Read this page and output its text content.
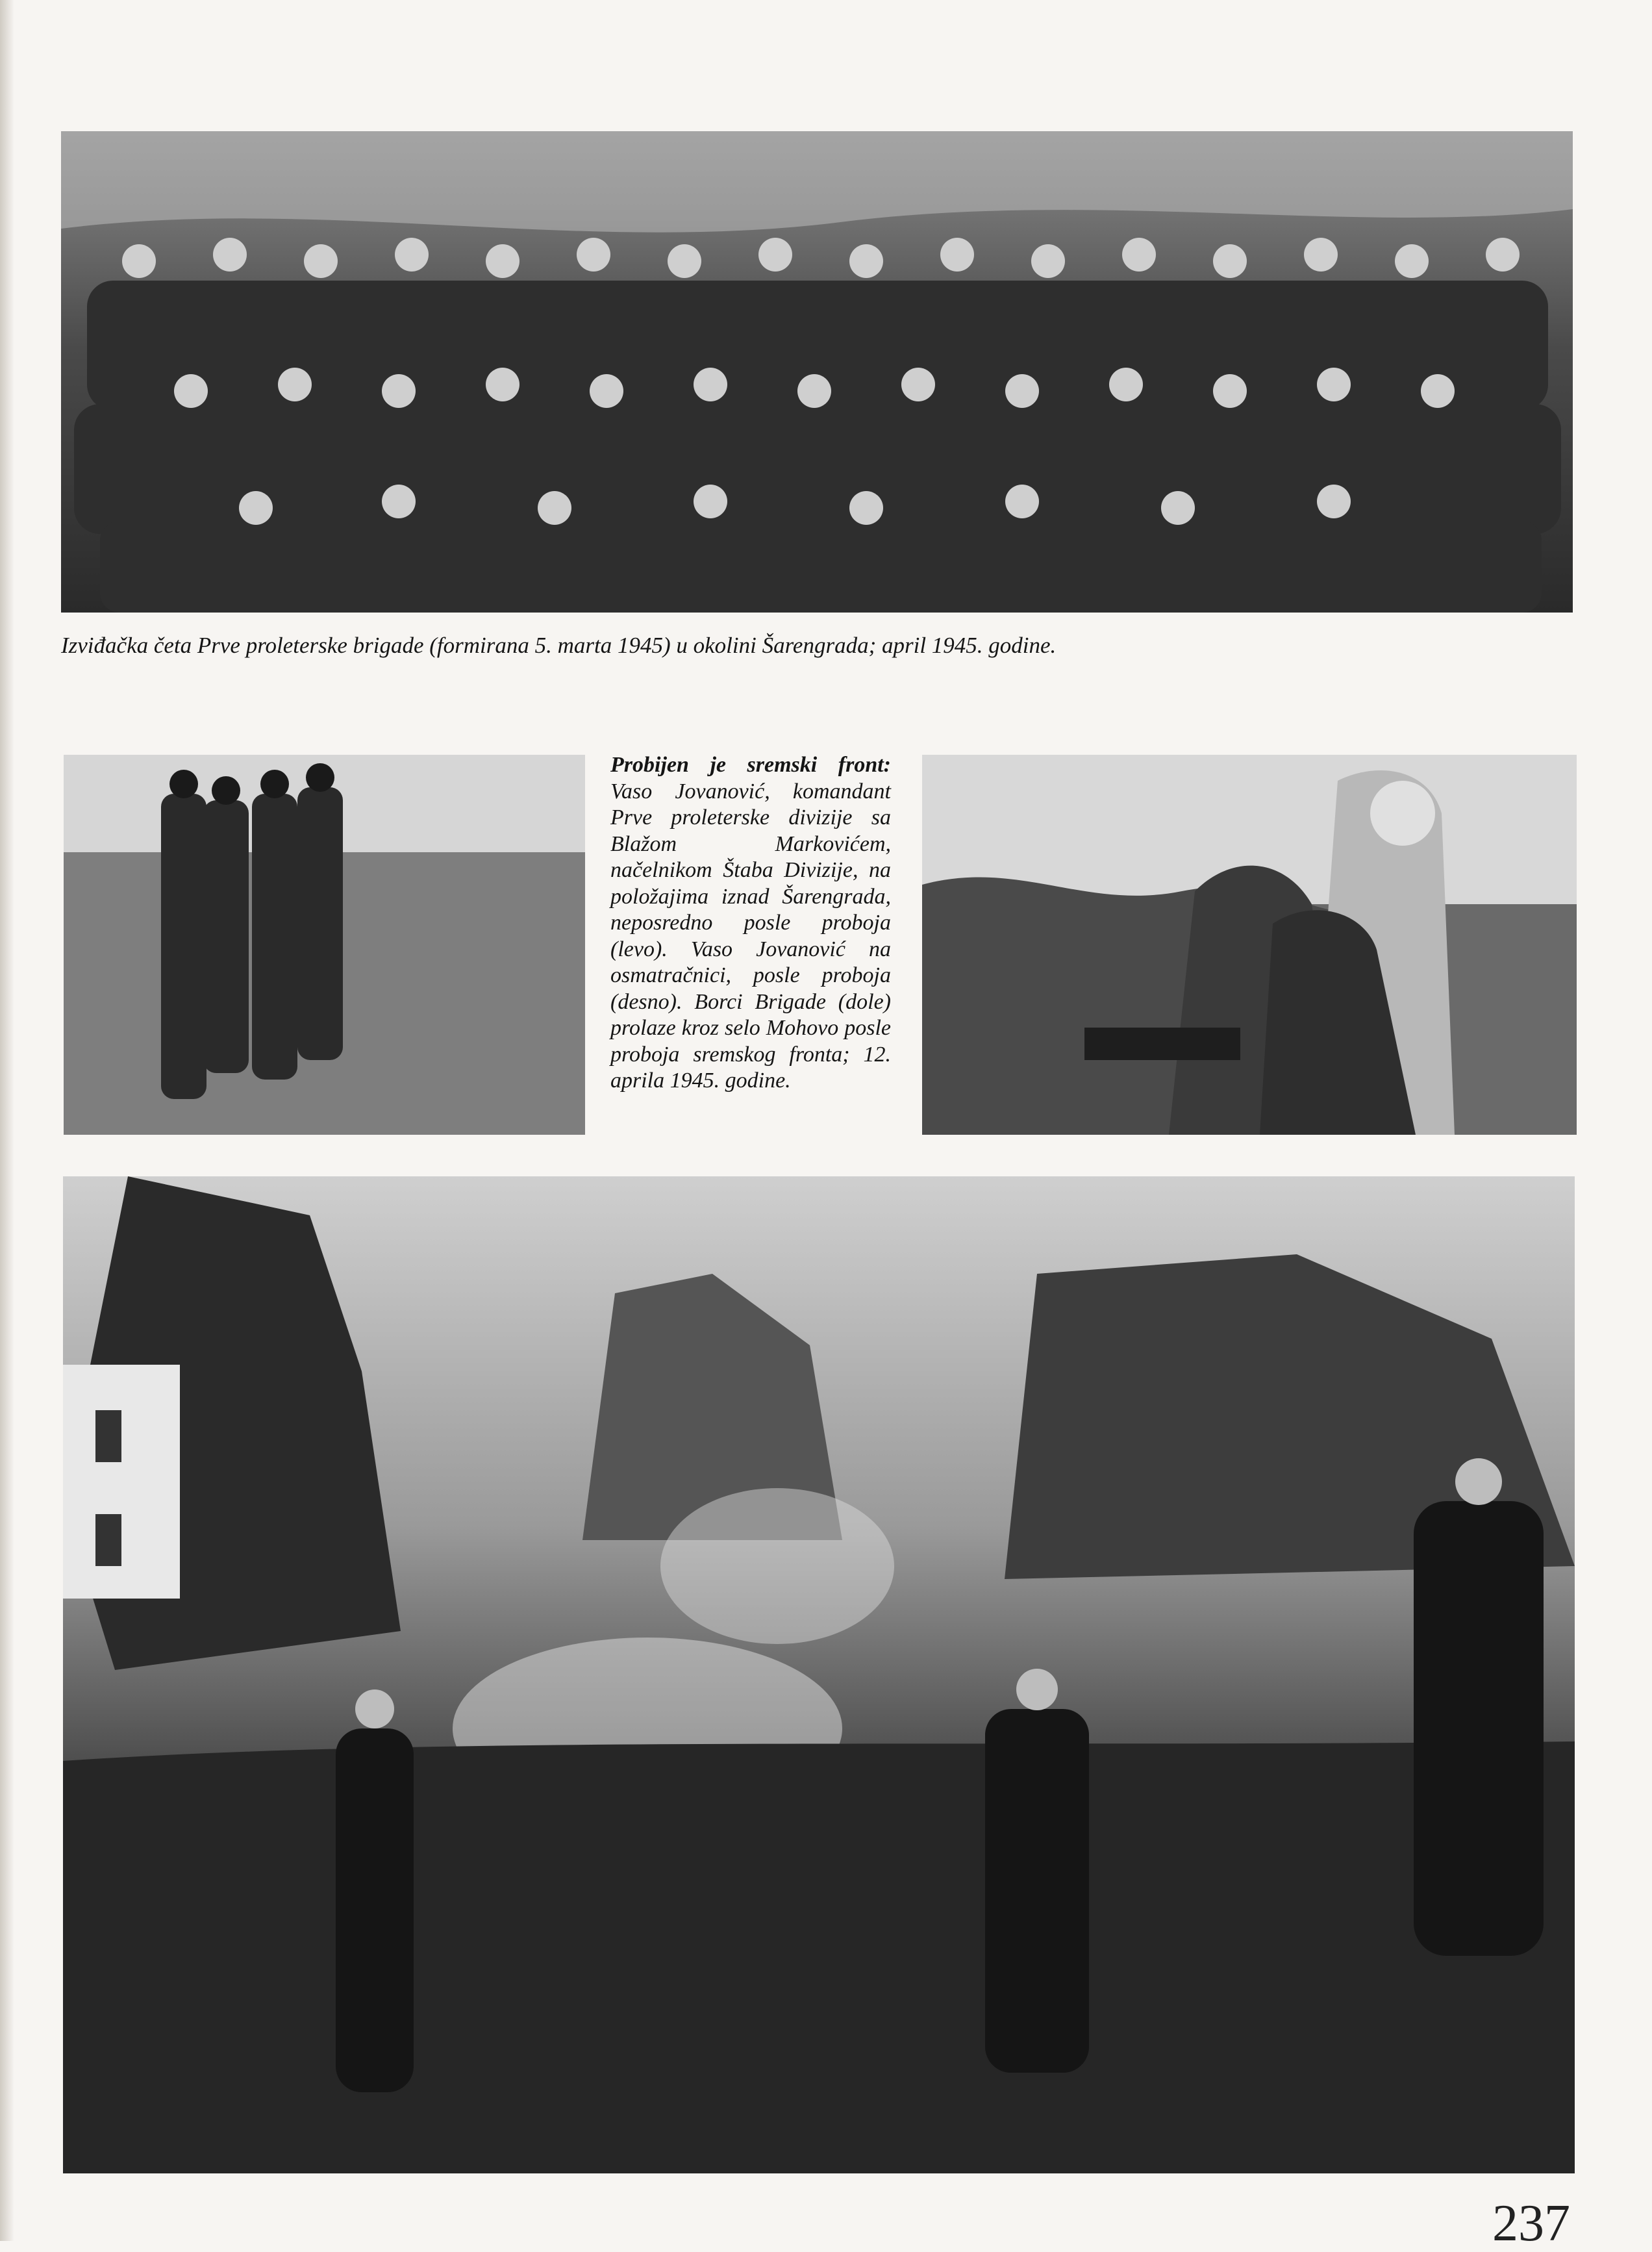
Izviđačka četa Prve proleterske brigade (formirana 5. marta 1945) u okolini Šarengrada; april 1945. godine.
Probijen je sremski front: Vaso Jovanović, komandant Prve proleterske divizije sa Blažom Markovićem, načelnikom Štaba Divizije, na položajima iznad Šarengrada, neposredno posle proboja (levo). Vaso Jovanović na osmatračnici, posle proboja (desno). Borci Brigade (dole) prolaze kroz selo Mohovo posle proboja sremskog fronta; 12. aprila 1945. godine.
237
